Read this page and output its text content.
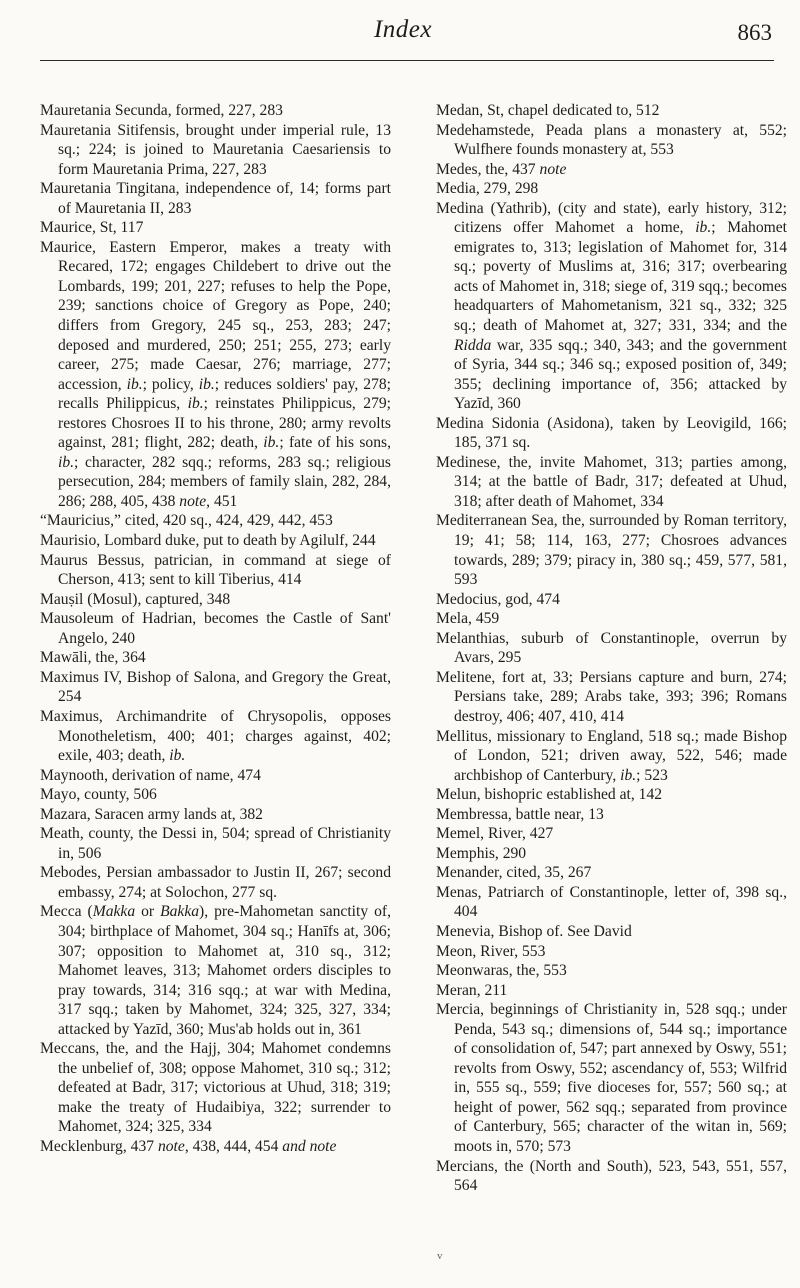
Index	863

Mauretania Secunda, formed, 227, 283

Mauretania Sitifensis, brought under imperial rule, 13 sq.; 224; is joined to Mauretania Caesariensis to form Mauretania Prima, 227, 283

Mauretania Tingitana, independence of, 14; forms part of Mauretania II, 283

Maurice, St, 117

Maurice, Eastern Emperor, makes a treaty with Recared, 172; engages Childebert to drive out the Lombards, 199; 201, 227; refuses to help the Pope, 239; sanctions choice of Gregory as Pope, 240; differs from Gregory, 245 sq., 253, 283; 247; deposed and murdered, 250; 251; 255, 273; early career, 275; made Caesar, 276; marriage, 277; accession, ib.; policy, ib.; reduces soldiers' pay, 278; recalls Philippicus, ib.; reinstates Philippicus, 279; restores Chosroes II to his throne, 280; army revolts against, 281; flight, 282; death, ib.; fate of his sons, ib.; character, 282 sqq.; reforms, 283 sq.; religious persecution, 284; members of family slain, 282, 284, 286; 288, 405, 438 note, 451

“Mauricius,” cited, 420 sq., 424, 429, 442, 453

Maurisio, Lombard duke, put to death by Agilulf, 244

Maurus Bessus, patrician, in command at siege of Cherson, 413; sent to kill Tiberius, 414

Mauṣil (Mosul), captured, 348

Mausoleum of Hadrian, becomes the Castle of Sant' Angelo, 240

Mawāli, the, 364

Maximus IV, Bishop of Salona, and Gregory the Great, 254

Maximus, Archimandrite of Chrysopolis, opposes Monotheletism, 400; 401; charges against, 402; exile, 403; death, ib.

Maynooth, derivation of name, 474

Mayo, county, 506

Mazara, Saracen army lands at, 382

Meath, county, the Dessi in, 504; spread of Christianity in, 506

Mebodes, Persian ambassador to Justin II, 267; second embassy, 274; at Solochon, 277 sq.

Mecca (Makka or Bakka), pre-Mahometan sanctity of, 304; birthplace of Mahomet, 304 sq.; Hanīfs at, 306; 307; opposition to Mahomet at, 310 sq., 312; Mahomet leaves, 313; Mahomet orders disciples to pray towards, 314; 316 sqq.; at war with Medina, 317 sqq.; taken by Mahomet, 324; 325, 327, 334; attacked by Yazīd, 360; Mus'ab holds out in, 361

Meccans, the, and the Hajj, 304; Mahomet condemns the unbelief of, 308; oppose Mahomet, 310 sq.; 312; defeated at Badr, 317; victorious at Uhud, 318; 319; make the treaty of Hudaibiya, 322; surrender to Mahomet, 324; 325, 334

Mecklenburg, 437 note, 438, 444, 454 and note

Medan, St, chapel dedicated to, 512

Medehamstede, Peada plans a monastery at, 552; Wulfhere founds monastery at, 553

Medes, the, 437 note

Media, 279, 298

Medina (Yathrib), (city and state), early history, 312; citizens offer Mahomet a home, ib.; Mahomet emigrates to, 313; legislation of Mahomet for, 314 sq.; poverty of Muslims at, 316; 317; overbearing acts of Mahomet in, 318; siege of, 319 sqq.; becomes headquarters of Mahometanism, 321 sq., 332; 325 sq.; death of Mahomet at, 327; 331, 334; and the Ridda war, 335 sqq.; 340, 343; and the government of Syria, 344 sq.; 346 sq.; exposed position of, 349; 355; declining importance of, 356; attacked by Yazīd, 360

Medina Sidonia (Asidona), taken by Leovigild, 166; 185, 371 sq.

Medinese, the, invite Mahomet, 313; parties among, 314; at the battle of Badr, 317; defeated at Uhud, 318; after death of Mahomet, 334

Mediterranean Sea, the, surrounded by Roman territory, 19; 41; 58; 114, 163, 277; Chosroes advances towards, 289; 379; piracy in, 380 sq.; 459, 577, 581, 593

Medocius, god, 474

Mela, 459

Melanthias, suburb of Constantinople, overrun by Avars, 295

Melitene, fort at, 33; Persians capture and burn, 274; Persians take, 289; Arabs take, 393; 396; Romans destroy, 406; 407, 410, 414

Mellitus, missionary to England, 518 sq.; made Bishop of London, 521; driven away, 522, 546; made archbishop of Canterbury, ib.; 523

Melun, bishopric established at, 142

Membressa, battle near, 13

Memel, River, 427

Memphis, 290

Menander, cited, 35, 267

Menas, Patriarch of Constantinople, letter of, 398 sq., 404

Menevia, Bishop of. See David

Meon, River, 553

Meonwaras, the, 553

Meran, 211

Mercia, beginnings of Christianity in, 528 sqq.; under Penda, 543 sq.; dimensions of, 544 sq.; importance of consolidation of, 547; part annexed by Oswy, 551; revolts from Oswy, 552; ascendancy of, 553; Wilfrid in, 555 sq., 559; five dioceses for, 557; 560 sq.; at height of power, 562 sqq.; separated from province of Canterbury, 565; character of the witan in, 569; moots in, 570; 573

Mercians, the (North and South), 523, 543, 551, 557, 564

v
